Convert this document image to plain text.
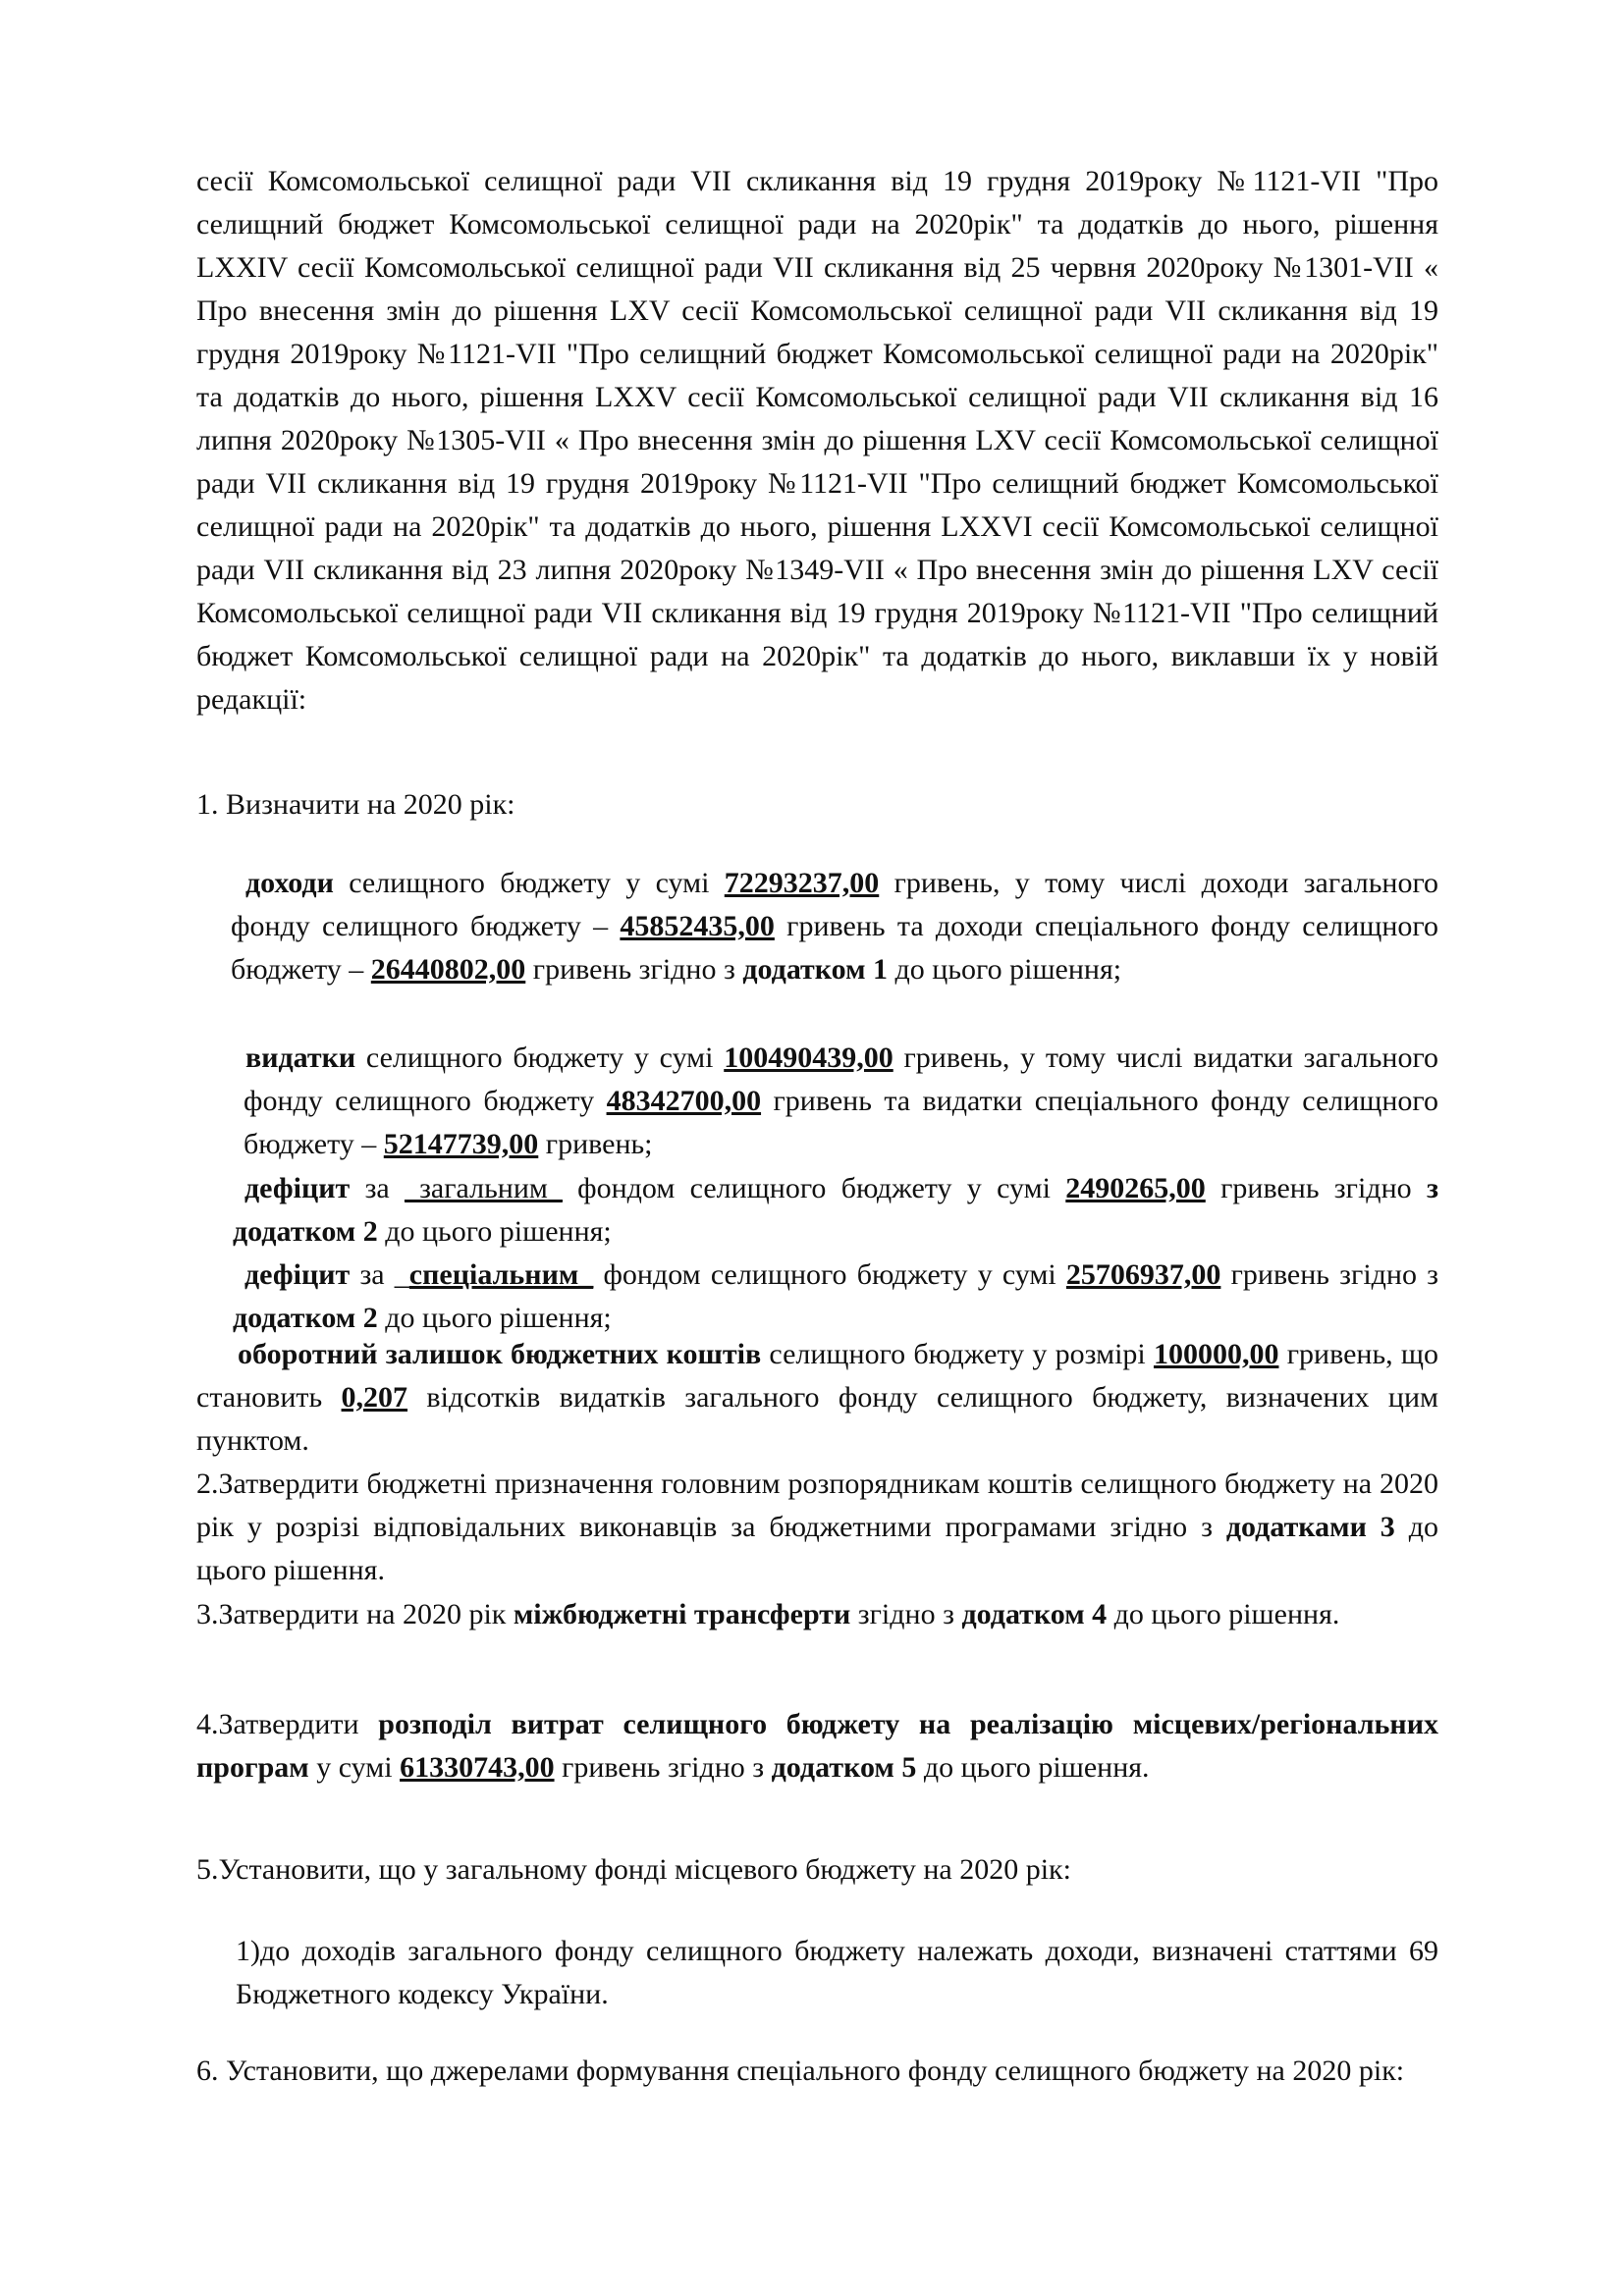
сесії Комсомольської селищної ради VII скликання від 19 грудня 2019року №1121-VII "Про селищний бюджет Комсомольської селищної ради на 2020рік" та додатків до нього, рішення LXXIV сесії Комсомольської селищної ради VII скликання від 25 червня 2020року №1301-VII « Про внесення змін до рішення LXV сесії Комсомольської селищної ради VII скликання від 19 грудня 2019року №1121-VII "Про селищний бюджет Комсомольської селищної ради на 2020рік" та додатків до нього, рішення LXXV сесії Комсомольської селищної ради VII скликання від 16 липня 2020року №1305-VII « Про внесення змін до рішення LXV сесії Комсомольської селищної ради VII скликання від 19 грудня 2019року №1121-VII "Про селищний бюджет Комсомольської селищної ради на 2020рік" та додатків до нього, рішення LXXVI сесії Комсомольської селищної ради VII скликання від 23 липня 2020року №1349-VII « Про внесення змін до рішення LXV сесії Комсомольської селищної ради VII скликання від 19 грудня 2019року №1121-VII "Про селищний бюджет Комсомольської селищної ради на 2020рік" та додатків до нього, виклавши їх у новій редакції:

1. Визначити на 2020 рік:

доходи селищного бюджету у сумі 72293237,00 гривень, у тому числі доходи загального фонду селищного бюджету – 45852435,00 гривень та доходи спеціального фонду селищного бюджету – 26440802,00 гривень згідно з додатком 1 до цього рішення;

видатки селищного бюджету у сумі 100490439,00 гривень, у тому числі видатки загального фонду селищного бюджету 48342700,00 гривень та видатки спеціального фонду селищного бюджету – 52147739,00 гривень;

дефіцит за _загальним_ фондом селищного бюджету у сумі 2490265,00 гривень згідно з додатком 2 до цього рішення;

дефіцит за _спеціальним_ фондом селищного бюджету у сумі 25706937,00 гривень згідно з додатком 2 до цього рішення;

оборотний залишок бюджетних коштів селищного бюджету у розмірі 100000,00 гривень, що становить 0,207 відсотків видатків загального фонду селищного бюджету, визначених цим пунктом.

2.Затвердити бюджетні призначення головним розпорядникам коштів селищного бюджету на 2020 рік у розрізі відповідальних виконавців за бюджетними програмами згідно з додатками 3 до цього рішення.

3.Затвердити на 2020 рік міжбюджетні трансферти згідно з додатком 4 до цього рішення.

4.Затвердити розподіл витрат селищного бюджету на реалізацію місцевих/регіональних програм у сумі 61330743,00 гривень згідно з додатком 5 до цього рішення.

5.Установити, що у загальному фонді місцевого бюджету на 2020 рік:

1)до доходів загального фонду селищного бюджету належать доходи, визначені статтями 69 Бюджетного кодексу України.

6. Установити, що джерелами формування спеціального фонду селищного бюджету на 2020 рік:
